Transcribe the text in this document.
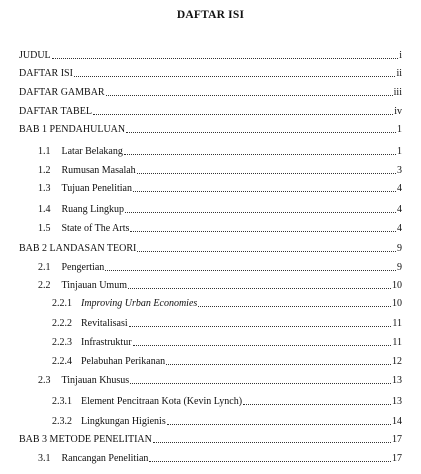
DAFTAR ISI
JUDUL	i
DAFTAR ISI	ii
DAFTAR GAMBAR	iii
DAFTAR TABEL	iv
BAB 1 PENDAHULUAN	1
1.1 Latar Belakang	1
1.2 Rumusan Masalah	3
1.3 Tujuan Penelitian	4
1.4 Ruang Lingkup	4
1.5 State of The Arts	4
BAB 2 LANDASAN TEORI	9
2.1 Pengertian	9
2.2 Tinjauan Umum	10
2.2.1 Improving Urban Economies	10
2.2.2 Revitalisasi	11
2.2.3 Infrastruktur	11
2.2.4 Pelabuhan Perikanan	12
2.3 Tinjauan Khusus	13
2.3.1 Element Pencitraan Kota (Kevin Lynch)	13
2.3.2 Lingkungan Higienis	14
BAB 3 METODE PENELITIAN	17
3.1 Rancangan Penelitian	17
